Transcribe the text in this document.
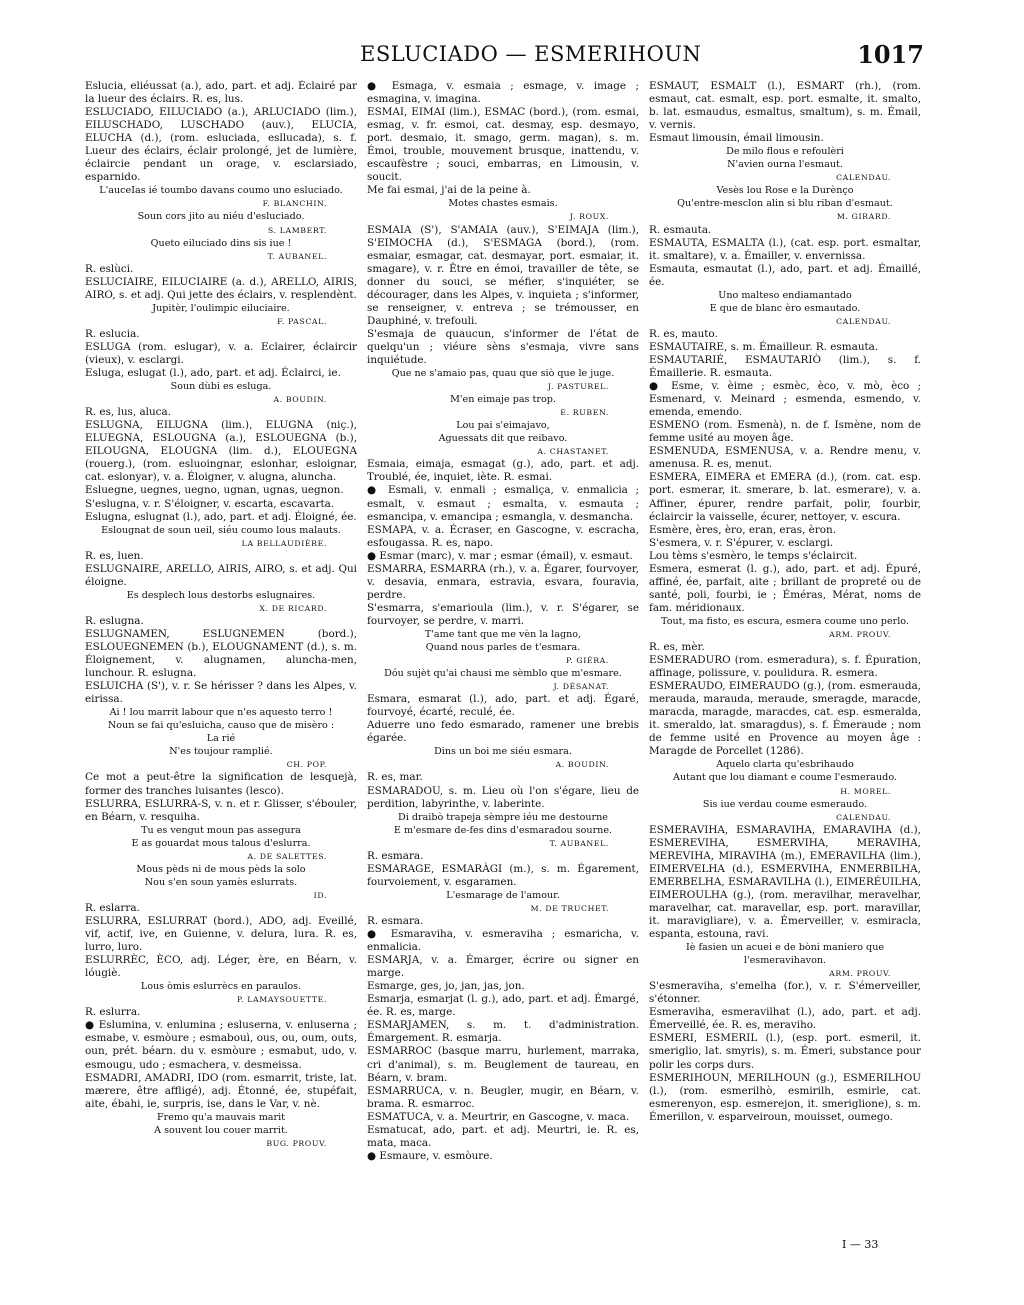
ESLUCIADO — ESMERIHOUN	1017

Eslucia, eliéussat (a.), ado, part. et adj. Éclairé par la lueur des éclairs. R. es, lus.

ESLUCIADO, EILUCIADO (a.), ARLUCIADO (lim.), EILUSCHADO, LUSCHADO (auv.), ELUCIA, ELUCHA (d.), (rom. esluciada, esllucada), s. f. Lueur des éclairs, éclair prolongé, jet de lumière, éclaircie pendant un orage, v. esclarsiado, esparnido.

L'auceIas ié toumbo davans coumo uno esluciado.

F. BLANCHIN.

Soun cors jito au niéu d'esluciado.

S. LAMBERT.

Queto eiluciado dins sis iue !

T. AUBANEL.

R. eslùci.

ESLUCIAIRE, EILUCIAIRE (a. d.), ARELLO, AIRIS, AIRO, s. et adj. Qui jette des éclairs, v. resplendènt.

Jupitèr, l'oulimpic eiluciaire.

F. PASCAL.

R. eslucia.

ESLUGA (rom. eslugar), v. a. Eclairer, éclaircir (vieux), v. esclargi.

Esluga, eslugat (l.), ado, part. et adj. Éclairci, ie.

Soun dùbi es esluga.

A. BOUDIN.

R. es, lus, aluca.

ESLUGNA, EILUGNA (lim.), ELUGNA (niç.), ELUEGNA, ESLOUGNA (a.), ESLOUEGNA (b.), EILOUGNA, ELOUGNA (lim. d.), ELOUEGNA (rouerg.), (rom. esluoingnar, eslonhar, esloignar, cat. eslonyar), v. a. Éloigner, v. alugna, aluncha.

Esluegne, uegnes, uegno, ugnan, ugnas, uegnon.

S'eslugna, v. r. S'éloigner, v. escarta, escavarta.

Eslugna, eslugnat (l.), ado, part. et adj. Éloigné, ée.

Eslougnat de soun ueil, siéu coumo lous malauts.

LA BELLAUDIÈRE.

R. es, luen.

ESLUGNAIRE, ARELLO, AIRIS, AIRO, s. et adj. Qui éloigne.

Es desplech lous destorbs eslugnaires.

X. DE RICARD.

R. eslugna.

ESLUGNAMEN, ESLUGNEMEN (bord.), ESLOUEGNEMEN (b.), ELOUGNAMENT (d.), s. m. Éloignement, v. alugnamen, aluncha-men, lunchour. R. eslugna.

ESLUICHA (S'), v. r. Se hérisser ? dans les Alpes, v. eirissa.

Ai ! lou marrit labour que n'es aquesto terro !

Noun se fai qu'esluicha, causo que de misèro :

La rié

N'es toujour ramplié.

CH. POP.

Ce mot a peut-être la signification de lesquejà, former des tranches luisantes (lesco).

ESLURRA, ESLURRA-S, v. n. et r. Glisser, s'ébouler, en Béarn, v. resquiha.

Tu es vengut moun pas assegura

E as gouardat mous talous d'eslurra.

A. DE SALETTES.

Mous pèds ni de mous pèds la solo

Nou s'en soun yamès eslurrats.

ID.

R. eslarra.

ESLURRA, ESLURRAT (bord.), ADO, adj. Eveillé, vif, actif, ive, en Guienne, v. delura, lura. R. es, lurro, luro.

ESLURRÈC, ÈCO, adj. Léger, ère, en Béarn, v. lóugiè.

Lous òmis eslurrècs en paraulos.

P. LAMAYSOUETTE.

R. eslurra.

● Eslumina, v. enlumina ; esluserna, v. enluserna ; esmabe, v. esmòure ; esmabouì, ous, ou, oum, outs, oun, prét. béarn. du v. esmòure ; esmabut, udo, v. esmougu, udo ; esmachera, v. desmeissa.

ESMADRI, AMADRI, IDO (rom. esmarrit, triste, lat. mærere, être affligé), adj. Étonné, ée, stupéfait, aite, ébahi, ie, surpris, ise, dans le Var, v. nè.

Fremo qu'a mauvais marit

A souvent lou couer marrit.

BUG. PROUV.

● Esmaga, v. esmaia ; esmage, v. image ; esmagina, v. imagina.

ESMAI, EIMAI (lim.), ESMAC (bord.), (rom. esmai, esmag, v. fr. esmoi, cat. desmay, esp. desmayo, port. desmaio, it. smago, germ. magan), s. m. Émoi, trouble, mouvement brusque, inattendu, v. escaufèstre ; souci, embarras, en Limousin, v. soucit.

Me fai esmai, j'ai de la peine à.

Motes chastes esmais.

J. ROUX.

ESMAIA (S'), S'AMAIA (auv.), S'EIMAJA (lim.), S'EIMOCHA (d.), S'ESMAGA (bord.), (rom. esmaiar, esmagar, cat. desmayar, port. esmaiar, it. smagare), v. r. Être en émoi, travailler de tête, se donner du souci, se méfier, s'inquiéter, se décourager, dans les Alpes, v. inquieta ; s'informer, se renseigner, v. entreva ; se trémousser, en Dauphiné, v. trefouli.

S'esmaja de quaucun, s'informer de l'état de quelqu'un ; viéure sèns s'esmaja, vivre sans inquiétude.

Que ne s'amaio pas, quau que siò que le juge.

J. PASTUREL.

M'en eimaje pas trop.

E. RUBEN.

Lou pai s'eimajavo,

Aguessats dit que reibavo.

A. CHASTANET.

Esmaia, eimaja, esmagat (g.), ado, part. et adj. Troublé, ée, inquiet, iète. R. esmai.

● Esmali, v. enmali ; esmaliça, v. enmalicia ; esmalt, v. esmaut ; esmalta, v. esmauta ; esmancipa, v. emancipa ; esmangla, v. desmancha.

ESMAPA, v. a. Écraser, en Gascogne, v. escracha, esfougassa. R. es, napo.

● Esmar (marc), v. mar ; esmar (émail), v. esmaut.

ESMARRA, ESMARRA (rh.), v. a. Égarer, fourvoyer, v. desavia, enmara, estravia, esvara, fouravia, perdre.

S'esmarra, s'emarioula (lim.), v. r. S'égarer, se fourvoyer, se perdre, v. marri.

T'ame tant que me vèn la lagno,

Quand nous parles de t'esmara.

P. GIÉRA.

Dóu sujèt qu'ai chausi me sèmblo que m'esmare.

J. DÉSANAT.

Esmara, esmarat (l.), ado, part. et adj. Égaré, fourvoyé, écarté, reculé, ée.

Aduerre uno fedo esmarado, ramener une brebis égarée.

Dins un boi me siéu esmara.

A. BOUDIN.

R. es, mar.

ESMARADOU, s. m. Lieu où l'on s'égare, lieu de perdition, labyrinthe, v. laberinte.

Di draibò trapeja sèmpre iéu me destourne

E m'esmare de-fes dins d'esmaradou sourne.

T. AUBANEL.

R. esmara.

ESMARAGE, ESMARÀGI (m.), s. m. Égarement, fourvoiement, v. esgaramen.

L'esmarage de l'amour.

M. DE TRUCHET.

R. esmara.

● Esmaraviha, v. esmeraviha ; esmaricha, v. enmalicia.

ESMARJA, v. a. Émarger, écrire ou signer en marge.

Esmarge, ges, jo, jan, jas, jon.

Esmarja, esmarjat (l. g.), ado, part. et adj. Émargé, ée. R. es, marge.

ESMARJAMEN, s. m. t. d'administration. Émargement. R. esmarja.

ESMARROC (basque marru, hurlement, marraka, cri d'animal), s. m. Beuglement de taureau, en Béarn, v. bram.

ESMARRUCA, v. n. Beugler, mugir, en Béarn, v. brama. R. esmarroc.

ESMATUCA, v. a. Meurtrir, en Gascogne, v. maca.

Esmatucat, ado, part. et adj. Meurtri, ie. R. es, mata, maca.

● Esmaure, v. esmòure.

ESMAUT, ESMALT (l.), ESMART (rh.), (rom. esmaut, cat. esmalt, esp. port. esmalte, it. smalto, b. lat. esmaudus, esmaltus, smaltum), s. m. Émail, v. vernis.

Esmaut limousin, émail limousin.

De milo flous e refoulèri

N'avien ourna l'esmaut.

CALENDAU.

Vesès lou Rose e la Durènço

Qu'entre-mesclon alin si blu riban d'esmaut.

M. GIRARD.

R. esmauta.

ESMAUTA, ESMALTA (l.), (cat. esp. port. esmaltar, it. smaltare), v. a. Émailler, v. envernissa.

Esmauta, esmautat (l.), ado, part. et adj. Émaillé, ée.

Uno malteso endiamantado

E que de blanc èro esmautado.

CALENDAU.

R. es, mauto.

ESMAUTAIRE, s. m. Émailleur. R. esmauta.

ESMAUTARIÉ, ESMAUTARIÒ (lim.), s. f. Émaillerie. R. esmauta.

● Esme, v. èime ; esmèc, èco, v. mò, èco ; Esmenard, v. Meinard ; esmenda, esmendo, v. emenda, emendo.

ESMENO (rom. Esmenà), n. de f. Ismène, nom de femme usité au moyen âge.

ESMENUDA, ESMENUSA, v. a. Rendre menu, v. amenusa. R. es, menut.

ESMERA, EIMERA et EMERA (d.), (rom. cat. esp. port. esmerar, it. smerare, b. lat. esmerare), v. a. Affiner, épurer, rendre parfait, polir, fourbir, éclaircir la vaisselle, écurer, nettoyer, v. escura.

Esmère, ères, èro, eran, eras, èron.

S'esmera, v. r. S'épurer, v. esclargi.

Lou tèms s'esmèro, le temps s'éclaircit.

Esmera, esmerat (l. g.), ado, part. et adj. Épuré, affiné, ée, parfait, aite ; brillant de propreté ou de santé, poli, fourbi, ie ; Éméras, Mérat, noms de fam. méridionaux.

Tout, ma fisto, es escura, esmera coume uno perlo.

ARM. PROUV.

R. es, mèr.

ESMERADURO (rom. esmeradura), s. f. Épuration, affinage, polissure, v. poulidura. R. esmera.

ESMERAUDO, EIMERAUDO (g.), (rom. esmerauda, merauda, marauda, meraude, smeragde, maracde, maracda, maragde, maracdes, cat. esp. esmeralda, it. smeraldo, lat. smaragdus), s. f. Émeraude ; nom de femme usité en Provence au moyen âge : Maragde de Porcellet (1286).

Aquelo clarta qu'esbrihaudo

Autant que lou diamant e coume l'esmeraudo.

H. MOREL.

Sis iue verdau coume esmeraudo.

CALENDAU.

ESMERAVIHA, ESMARAVIHA, EMARAVIHA (d.), ESMEREVIHA, ESMERVIHA, MERAVIHA, MEREVIHA, MIRAVIHA (m.), EMERAVILHA (lim.), EIMERVELHA (d.), ESMERVIHA, ENMERBILHA, EMERBELHA, ESMARAVILHA (l.), EIMERÉUILHA, EIMEROULHA (g.), (rom. meravilhar, meravelhar, maravelhar, cat. maravellar, esp. port. maravillar, it. maravigliare), v. a. Émerveiller, v. esmiracla, espanta, estouna, ravi.

Iè fasien un acuei e de bòni maniero que l'esmeravihavon.

ARM. PROUV.

S'esmeraviha, s'emelha (for.), v. r. S'émerveiller, s'étonner.

Esmeraviha, esmeravilhat (l.), ado, part. et adj. Émerveillé, ée. R. es, meraviho.

ESMERI, ESMERIL (l.), (esp. port. esmeril, it. smeriglio, lat. smyris), s. m. Émeri, substance pour polir les corps durs.

ESMERIHOUN, MERILHOUN (g.), ESMERILHOU (l.), (rom. esmerilhò, esmirilh, esmirle, cat. esmerenyon, esp. esmerejon, it. smeriglione), s. m. Émerillon, v. esparveiroun, mouisset, oumego.

I — 33
